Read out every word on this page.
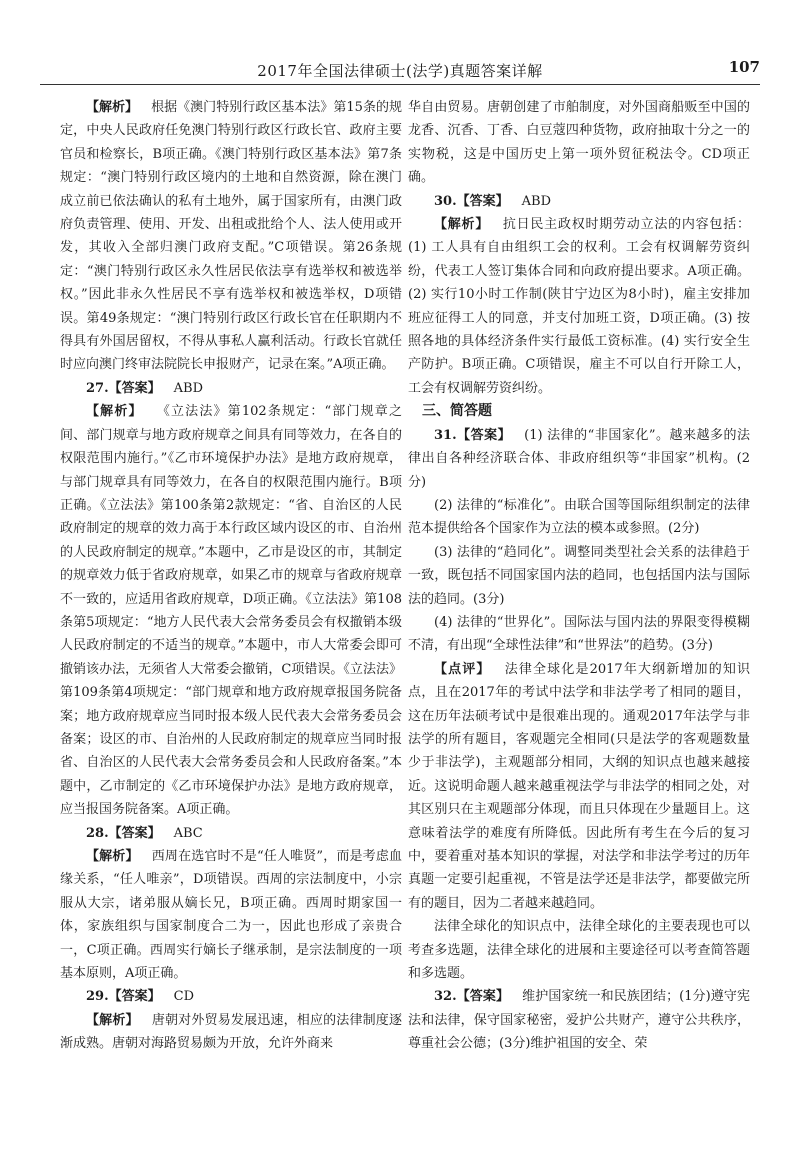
2017年全国法律硕士(法学)真题答案详解	107

【解析】  根据《澳门特别行政区基本法》第15条的规定，中央人民政府任免澳门特别行政区行政长官、政府主要官员和检察长，B项正确。《澳门特别行政区基本法》第7条规定：“澳门特别行政区境内的土地和自然资源，除在澳门成立前已依法确认的私有土地外，属于国家所有，由澳门政府负责管理、使用、开发、出租或批给个人、法人使用或开发，其收入全部归澳门政府支配。”C项错误。第26条规定：“澳门特别行政区永久性居民依法享有选举权和被选举权。”因此非永久性居民不享有选举权和被选举权，D项错误。第49条规定：“澳门特别行政区行政长官在任职期内不得具有外国居留权，不得从事私人赢利活动。行政长官就任时应向澳门终审法院院长申报财产，记录在案。”A项正确。

27.【答案】  ABD

【解析】  《立法法》第102条规定：“部门规章之间、部门规章与地方政府规章之间具有同等效力，在各自的权限范围内施行。”《乙市环境保护办法》是地方政府规章，与部门规章具有同等效力，在各自的权限范围内施行。B项正确。《立法法》第100条第2款规定：“省、自治区的人民政府制定的规章的效力高于本行政区域内设区的市、自治州的人民政府制定的规章。”本题中，乙市是设区的市，其制定的规章效力低于省政府规章，如果乙市的规章与省政府规章不一致的，应适用省政府规章，D项正确。《立法法》第108条第5项规定：“地方人民代表大会常务委员会有权撤销本级人民政府制定的不适当的规章。”本题中，市人大常委会即可撤销该办法，无须省人大常委会撤销，C项错误。《立法法》第109条第4项规定：“部门规章和地方政府规章报国务院备案；地方政府规章应当同时报本级人民代表大会常务委员会备案；设区的市、自治州的人民政府制定的规章应当同时报省、自治区的人民代表大会常务委员会和人民政府备案。”本题中，乙市制定的《乙市环境保护办法》是地方政府规章，应当报国务院备案。A项正确。

28.【答案】  ABC

【解析】  西周在选官时不是“任人唯贤”，而是考虑血缘关系，“任人唯亲”，D项错误。西周的宗法制度中，小宗服从大宗，诸弟服从嫡长兄，B项正确。西周时期家国一体，家族组织与国家制度合二为一，因此也形成了亲贵合一，C项正确。西周实行嫡长子继承制，是宗法制度的一项基本原则，A项正确。

29.【答案】  CD

【解析】  唐朝对外贸易发展迅速，相应的法律制度逐渐成熟。唐朝对海路贸易颇为开放，允许外商来

华自由贸易。唐朝创建了市舶制度，对外国商船贩至中国的龙香、沉香、丁香、白豆蔻四种货物，政府抽取十分之一的实物税，这是中国历史上第一项外贸征税法令。CD项正确。

30.【答案】  ABD

【解析】  抗日民主政权时期劳动立法的内容包括：(1) 工人具有自由组织工会的权利。工会有权调解劳资纠纷，代表工人签订集体合同和向政府提出要求。A项正确。(2) 实行10小时工作制(陕甘宁边区为8小时)，雇主安排加班应征得工人的同意，并支付加班工资，D项正确。(3) 按照各地的具体经济条件实行最低工资标准。(4) 实行安全生产防护。B项正确。C项错误，雇主不可以自行开除工人，工会有权调解劳资纠纷。

三、简答题

31.【答案】  (1) 法律的“非国家化”。越来越多的法律出自各种经济联合体、非政府组织等“非国家”机构。(2分)

(2) 法律的“标准化”。由联合国等国际组织制定的法律范本提供给各个国家作为立法的模本或参照。(2分)

(3) 法律的“趋同化”。调整同类型社会关系的法律趋于一致，既包括不同国家国内法的趋同，也包括国内法与国际法的趋同。(3分)

(4) 法律的“世界化”。国际法与国内法的界限变得模糊不清，有出现“全球性法律”和“世界法”的趋势。(3分)

【点评】  法律全球化是2017年大纲新增加的知识点，且在2017年的考试中法学和非法学考了相同的题目，这在历年法硕考试中是很难出现的。通观2017年法学与非法学的所有题目，客观题完全相同(只是法学的客观题数量少于非法学)，主观题部分相同，大纲的知识点也越来越接近。这说明命题人越来越重视法学与非法学的相同之处，对其区别只在主观题部分体现，而且只体现在少量题目上。这意味着法学的难度有所降低。因此所有考生在今后的复习中，要着重对基本知识的掌握，对法学和非法学考过的历年真题一定要引起重视，不管是法学还是非法学，都要做完所有的题目，因为二者越来越趋同。

法律全球化的知识点中，法律全球化的主要表现也可以考查多选题，法律全球化的进展和主要途径可以考查简答题和多选题。

32.【答案】  维护国家统一和民族团结；(1分)遵守宪法和法律，保守国家秘密，爱护公共财产，遵守公共秩序，尊重社会公德；(3分)维护祖国的安全、荣
